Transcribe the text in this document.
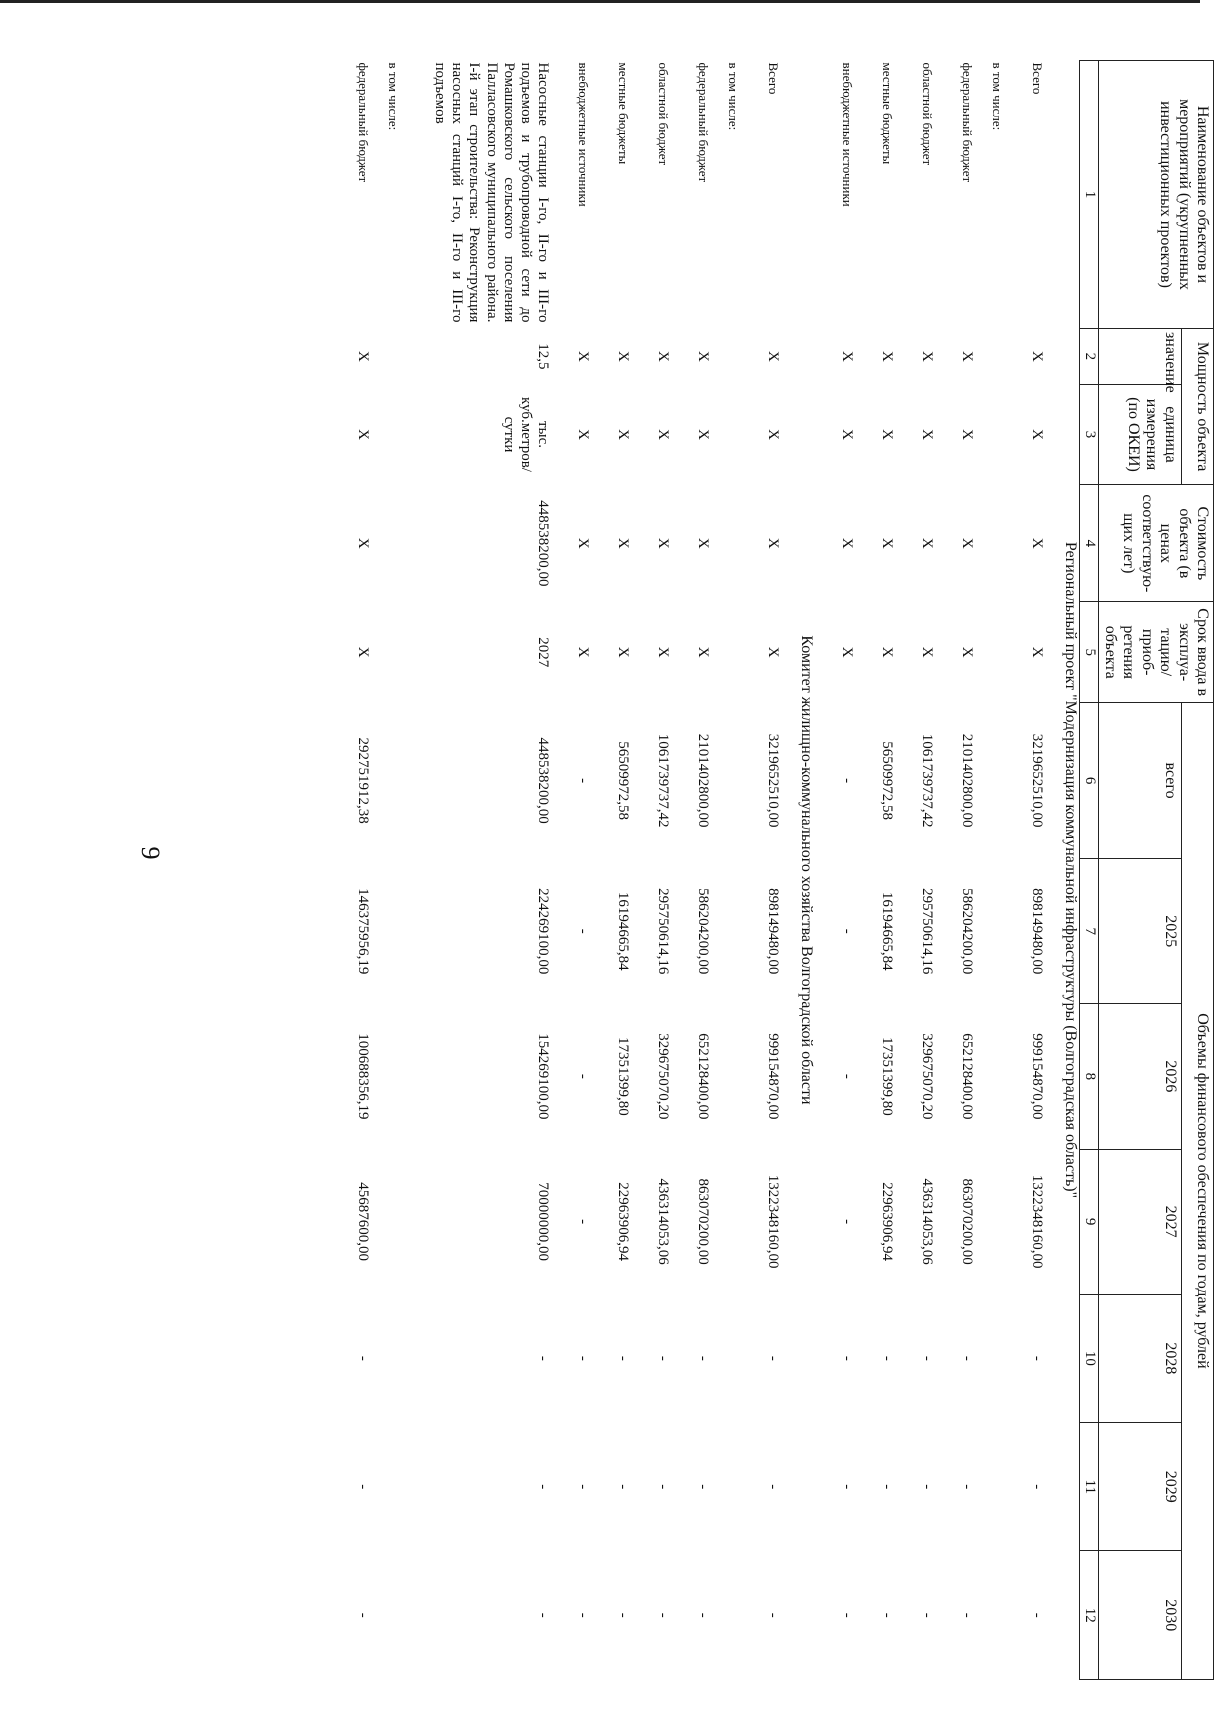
9
Наименование объектов и мероприятий (укрупненных инвестиционных проектов)	Мощность объекта		Стоимость объекта (в ценах соответствую-щих лет)	Срок ввода в эксплуа-тацию/приоб-ретения объекта	Объемы финансового обеспечения по годам, рублей						
	значение	единица измерения (по ОКЕИ)			всего	2025	2026	2027	2028	2029	2030
1	2	3	4	5	6	7	8	9	10	11	12
Региональный проект "Модернизация коммунальной инфраструктуры (Волгоградская область)"											
Всего	X	X	X	X	3219652510,00	898149480,00	999154870,00	1322348160,00	-	-	-
в том числе:											
федеральный бюджет	X	X	X	X	2101402800,00	586204200,00	652128400,00	863070200,00	-	-	-
областной бюджет	X	X	X	X	1061739737,42	295750614,16	329675070,20	436314053,06	-	-	-
местные бюджеты	X	X	X	X	56509972,58	16194665,84	17351399,80	22963906,94	-	-	-
внебюджетные источники	X	X	X	X	-	-	-	-	-	-	-
Комитет жилищно-коммунального хозяйства Волгоградской области											
Всего	X	X	X	X	3219652510,00	898149480,00	999154870,00	1322348160,00	-	-	-
в том числе:											
федеральный бюджет	X	X	X	X	2101402800,00	586204200,00	652128400,00	863070200,00	-	-	-
областной бюджет	X	X	X	X	1061739737,42	295750614,16	329675070,20	436314053,06	-	-	-
местные бюджеты	X	X	X	X	56509972,58	16194665,84	17351399,80	22963906,94	-	-	-
внебюджетные источники	X	X	X	X	-	-	-	-	-	-	-
Насосные станции I-го, II-го и III-го подъемов и трубопроводной сети до Ромашковского сельского поселения Палласовского муниципального района. I-й этап строительства: Реконструкция насосных станций I-го, II-го и III-го подъемов	12,5	тыс. куб.метров/ сутки	448538200,00	2027	448538200,00	224269100,00	154269100,00	70000000,00	-	-	-
в том числе:											
федеральный бюджет	X	X	X	X	292751912,38	146375956,19	100688356,19	45687600,00	-	-	-
